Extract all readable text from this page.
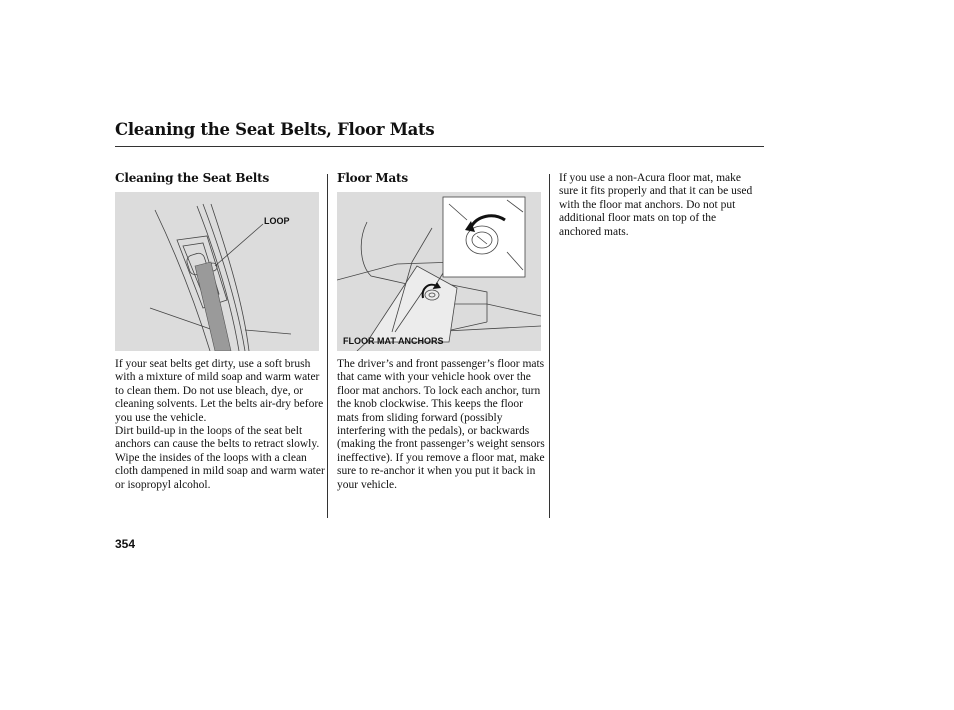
Cleaning the Seat Belts, Floor Mats
Cleaning the Seat Belts
LOOP

If your seat belts get dirty, use a soft brush with a mixture of mild soap and warm water to clean them. Do not use bleach, dye, or cleaning solvents. Let the belts air-dry before you use the vehicle.

Dirt build-up in the loops of the seat belt anchors can cause the belts to retract slowly. Wipe the insides of the loops with a clean cloth dampened in mild soap and warm water or isopropyl alcohol.

Floor Mats
FLOOR MAT ANCHORS

The driver’s and front passenger’s floor mats that came with your vehicle hook over the floor mat anchors. To lock each anchor, turn the knob clockwise. This keeps the floor mats from sliding forward (possibly interfering with the pedals), or backwards (making the front passenger’s weight sensors ineffective). If you remove a floor mat, make sure to re-anchor it when you put it back in your vehicle.

If you use a non-Acura floor mat, make sure it fits properly and that it can be used with the floor mat anchors. Do not put additional floor mats on top of the anchored mats.

354
